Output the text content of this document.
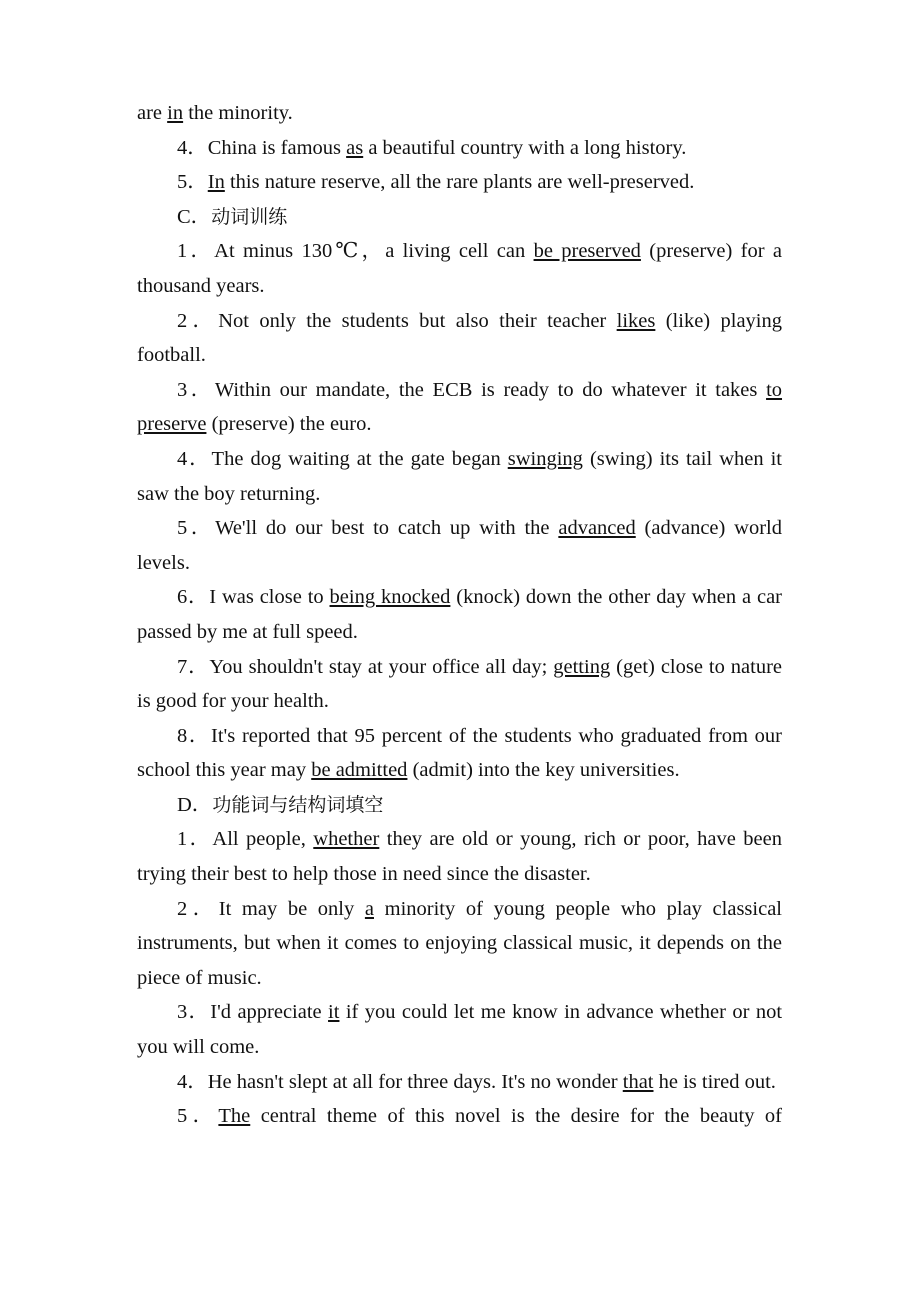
are in the minority.

4．China is famous as a beautiful country with a long history.

5．In this nature reserve, all the rare plants are well-preserved.

C．动词训练

1．At minus 130℃，a living cell can be preserved (preserve) for a thousand years.

2．Not only the students but also their teacher likes (like) playing football.

3．Within our mandate, the ECB is ready to do whatever it takes to preserve (preserve) the euro.

4．The dog waiting at the gate began swinging (swing) its tail when it saw the boy returning.

5．We'll do our best to catch up with the advanced (advance) world levels.

6．I was close to being knocked (knock) down the other day when a car passed by me at full speed.

7．You shouldn't stay at your office all day; getting (get) close to nature is good for your health.

8．It's reported that 95 percent of the students who graduated from our school this year may be admitted (admit) into the key universities.

D．功能词与结构词填空

1．All people, whether they are old or young, rich or poor, have been trying their best to help those in need since the disaster.

2．It may be only a minority of young people who play classical instruments, but when it comes to enjoying classical music, it depends on the piece of music.

3．I'd appreciate it if you could let me know in advance whether or not you will come.

4．He hasn't slept at all for three days. It's no wonder that he is tired out.

5．The central theme of this novel is the desire for the beauty of
